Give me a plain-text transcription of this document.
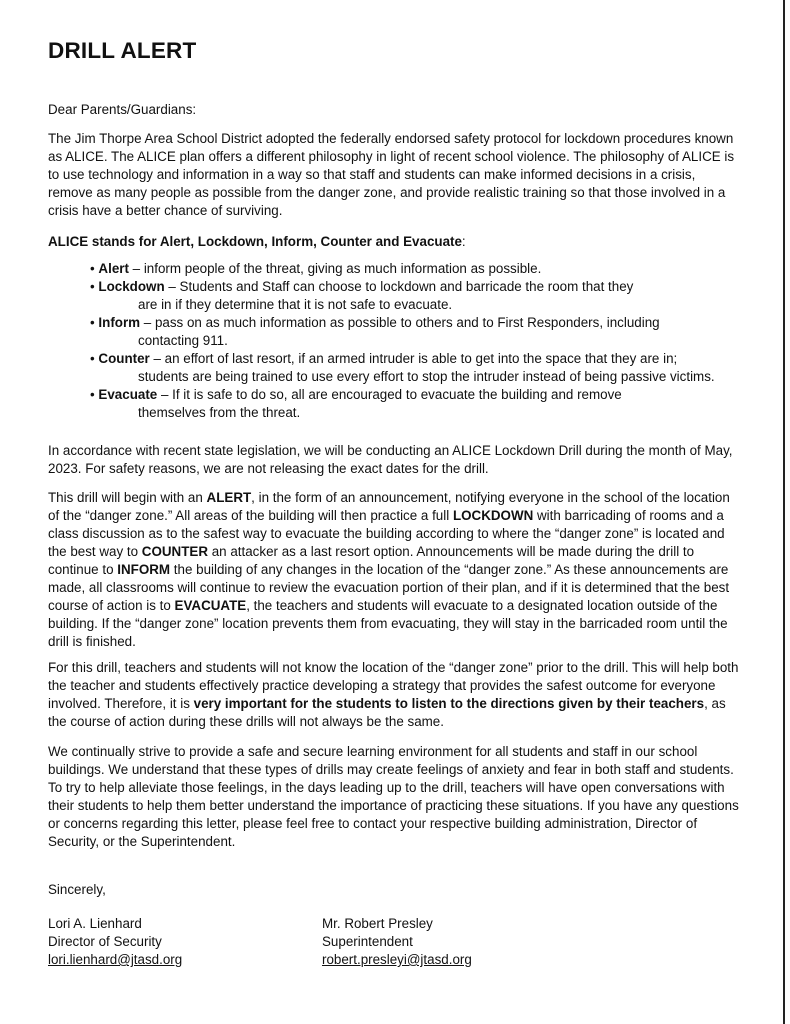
DRILL ALERT
Dear Parents/Guardians:
The Jim Thorpe Area School District adopted the federally endorsed safety protocol for lockdown procedures known as ALICE. The ALICE plan offers a different philosophy in light of recent school violence. The philosophy of ALICE is to use technology and information in a way so that staff and students can make informed decisions in a crisis, remove as many people as possible from the danger zone, and provide realistic training so that those involved in a crisis have a better chance of surviving.
ALICE stands for Alert, Lockdown, Inform, Counter and Evacuate:
• Alert – inform people of the threat, giving as much information as possible.
• Lockdown – Students and Staff can choose to lockdown and barricade the room that they
are in if they determine that it is not safe to evacuate.
• Inform – pass on as much information as possible to others and to First Responders, including
contacting 911.
• Counter – an effort of last resort, if an armed intruder is able to get into the space that they are in;
students are being trained to use every effort to stop the intruder instead of being passive victims.
• Evacuate – If it is safe to do so, all are encouraged to evacuate the building and remove
themselves from the threat.
In accordance with recent state legislation, we will be conducting an ALICE Lockdown Drill during the month of May, 2023. For safety reasons, we are not releasing the exact dates for the drill.
This drill will begin with an ALERT, in the form of an announcement, notifying everyone in the school of the location of the “danger zone.” All areas of the building will then practice a full LOCKDOWN with barricading of rooms and a class discussion as to the safest way to evacuate the building according to where the “danger zone” is located and the best way to COUNTER an attacker as a last resort option. Announcements will be made during the drill to continue to INFORM the building of any changes in the location of the “danger zone.” As these announcements are made, all classrooms will continue to review the evacuation portion of their plan, and if it is determined that the best course of action is to EVACUATE, the teachers and students will evacuate to a designated location outside of the building. If the “danger zone” location prevents them from evacuating, they will stay in the barricaded room until the drill is finished.
For this drill, teachers and students will not know the location of the “danger zone” prior to the drill. This will help both the teacher and students effectively practice developing a strategy that provides the safest outcome for everyone involved. Therefore, it is very important for the students to listen to the directions given by their teachers, as the course of action during these drills will not always be the same.
We continually strive to provide a safe and secure learning environment for all students and staff in our school buildings. We understand that these types of drills may create feelings of anxiety and fear in both staff and students. To try to help alleviate those feelings, in the days leading up to the drill, teachers will have open conversations with their students to help them better understand the importance of practicing these situations. If you have any questions or concerns regarding this letter, please feel free to contact your respective building administration, Director of Security, or the Superintendent.
Sincerely,
Lori A. Lienhard
Director of Security
lori.lienhard@jtasd.org
Mr. Robert Presley
Superintendent
robert.presleyi@jtasd.org
